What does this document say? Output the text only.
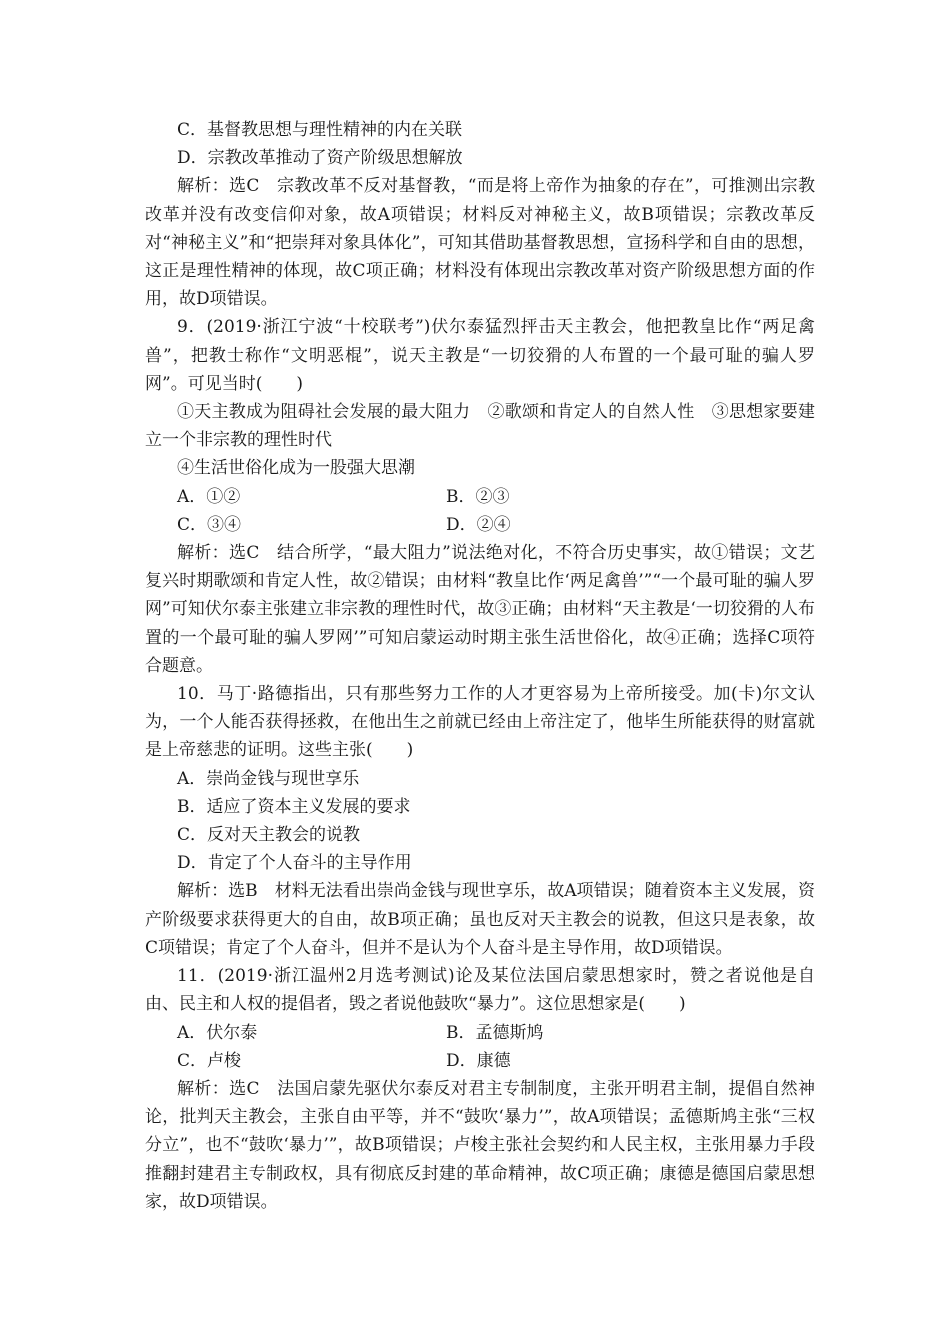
C．基督教思想与理性精神的内在关联

D．宗教改革推动了资产阶级思想解放

解析：选C　宗教改革不反对基督教，“而是将上帝作为抽象的存在”，可推测出宗教改革并没有改变信仰对象，故A项错误；材料反对神秘主义，故B项错误；宗教改革反对“神秘主义”和“把崇拜对象具体化”，可知其借助基督教思想，宣扬科学和自由的思想，这正是理性精神的体现，故C项正确；材料没有体现出宗教改革对资产阶级思想方面的作用，故D项错误。

9．(2019·浙江宁波“十校联考”)伏尔泰猛烈抨击天主教会，他把教皇比作“两足禽兽”，把教士称作“文明恶棍”，说天主教是“一切狡猾的人布置的一个最可耻的骗人罗网”。可见当时(　　)

①天主教成为阻碍社会发展的最大阻力　②歌颂和肯定人的自然人性　③思想家要建立一个非宗教的理性时代

④生活世俗化成为一股强大思潮

A．①②	B．②③
C．③④	D．②④

解析：选C　结合所学，“最大阻力”说法绝对化，不符合历史事实，故①错误；文艺复兴时期歌颂和肯定人性，故②错误；由材料“教皇比作‘两足禽兽’”“一个最可耻的骗人罗网”可知伏尔泰主张建立非宗教的理性时代，故③正确；由材料“天主教是‘一切狡猾的人布置的一个最可耻的骗人罗网’”可知启蒙运动时期主张生活世俗化，故④正确；选择C项符合题意。

10．马丁·路德指出，只有那些努力工作的人才更容易为上帝所接受。加(卡)尔文认为，一个人能否获得拯救，在他出生之前就已经由上帝注定了，他毕生所能获得的财富就是上帝慈悲的证明。这些主张(　　)

A．崇尚金钱与现世享乐

B．适应了资本主义发展的要求

C．反对天主教会的说教

D．肯定了个人奋斗的主导作用

解析：选B　材料无法看出崇尚金钱与现世享乐，故A项错误；随着资本主义发展，资产阶级要求获得更大的自由，故B项正确；虽也反对天主教会的说教，但这只是表象，故C项错误；肯定了个人奋斗，但并不是认为个人奋斗是主导作用，故D项错误。

11．(2019·浙江温州2月选考测试)论及某位法国启蒙思想家时，赞之者说他是自由、民主和人权的提倡者，毁之者说他鼓吹“暴力”。这位思想家是(　　)

A．伏尔泰	B．孟德斯鸠
C．卢梭	D．康德

解析：选C　法国启蒙先驱伏尔泰反对君主专制制度，主张开明君主制，提倡自然神论，批判天主教会，主张自由平等，并不“鼓吹‘暴力’”，故A项错误；孟德斯鸠主张“三权分立”，也不“鼓吹‘暴力’”，故B项错误；卢梭主张社会契约和人民主权，主张用暴力手段推翻封建君主专制政权，具有彻底反封建的革命精神，故C项正确；康德是德国启蒙思想家，故D项错误。
